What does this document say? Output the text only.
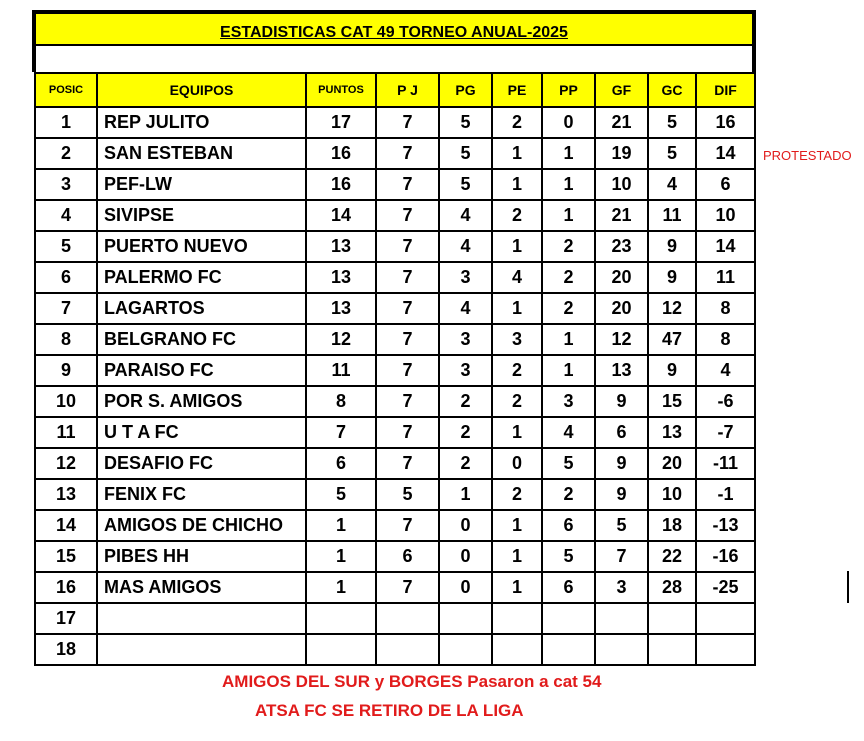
ESTADISTICAS CAT 49 TORNEO ANUAL-2025
POSIC	EQUIPOS	PUNTOS	P J	PG	PE	PP	GF	GC	DIF
1	REP JULITO	17	7	5	2	0	21	5	16
2	SAN ESTEBAN	16	7	5	1	1	19	5	14
3	PEF-LW	16	7	5	1	1	10	4	6
4	SIVIPSE	14	7	4	2	1	21	11	10
5	PUERTO NUEVO	13	7	4	1	2	23	9	14
6	PALERMO FC	13	7	3	4	2	20	9	11
7	LAGARTOS	13	7	4	1	2	20	12	8
8	BELGRANO FC	12	7	3	3	1	12	47	8
9	PARAISO FC	11	7	3	2	1	13	9	4
10	POR S. AMIGOS	8	7	2	2	3	9	15	-6
11	U T A FC	7	7	2	1	4	6	13	-7
12	DESAFIO FC	6	7	2	0	5	9	20	-11
13	FENIX FC	5	5	1	2	2	9	10	-1
14	AMIGOS DE CHICHO	1	7	0	1	6	5	18	-13
15	PIBES HH	1	6	0	1	5	7	22	-16
16	MAS AMIGOS	1	7	0	1	6	3	28	-25
17									
18									
PROTESTADO
AMIGOS DEL SUR y BORGES Pasaron a cat 54
ATSA FC SE RETIRO DE LA LIGA
